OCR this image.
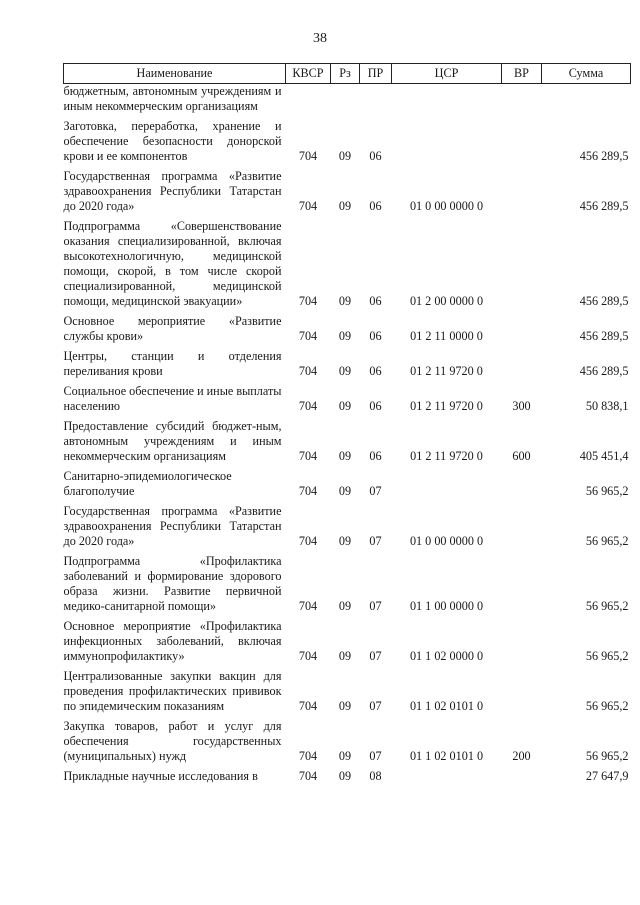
38
Наименование	КВСР	Рз	ПР	ЦСР	ВР	Сумма
бюджетным, автономным учреждениям и иным некоммерческим организациям						
Заготовка, переработка, хранение и обеспечение безопасности донорской крови и ее компонентов	704	09	06			456 289,5
Государственная программа «Развитие здравоохранения Республики Татарстан до 2020 года»	704	09	06	01 0 00 0000 0		456 289,5
Подпрограмма «Совершенствование оказания специализированной, включая высокотехнологичную, медицинской помощи, скорой, в том числе скорой специализированной, медицинской помощи, медицинской эвакуации»	704	09	06	01 2 00 0000 0		456 289,5
Основное мероприятие «Развитие службы крови»	704	09	06	01 2 11 0000 0		456 289,5
Центры, станции и отделения переливания крови	704	09	06	01 2 11 9720 0		456 289,5
Социальное обеспечение и иные выплаты населению	704	09	06	01 2 11 9720 0	300	50 838,1
Предоставление субсидий бюджет-ным, автономным учреждениям и иным некоммерческим организациям	704	09	06	01 2 11 9720 0	600	405 451,4
Санитарно-эпидемиологическое благополучие	704	09	07			56 965,2
Государственная программа «Развитие здравоохранения Республики Татарстан до 2020 года»	704	09	07	01 0 00 0000 0		56 965,2
Подпрограмма «Профилактика заболеваний и формирование здорового образа жизни. Развитие первичной медико-санитарной помощи»	704	09	07	01 1 00 0000 0		56 965,2
Основное мероприятие «Профилактика инфекционных заболеваний, включая иммунопрофилактику»	704	09	07	01 1 02 0000 0		56 965,2
Централизованные закупки вакцин для проведения профилактических прививок по эпидемическим показаниям	704	09	07	01 1 02 0101 0		56 965,2
Закупка товаров, работ и услуг для обеспечения государственных (муниципальных) нужд	704	09	07	01 1 02 0101 0	200	56 965,2
Прикладные научные исследования в	704	09	08			27 647,9
